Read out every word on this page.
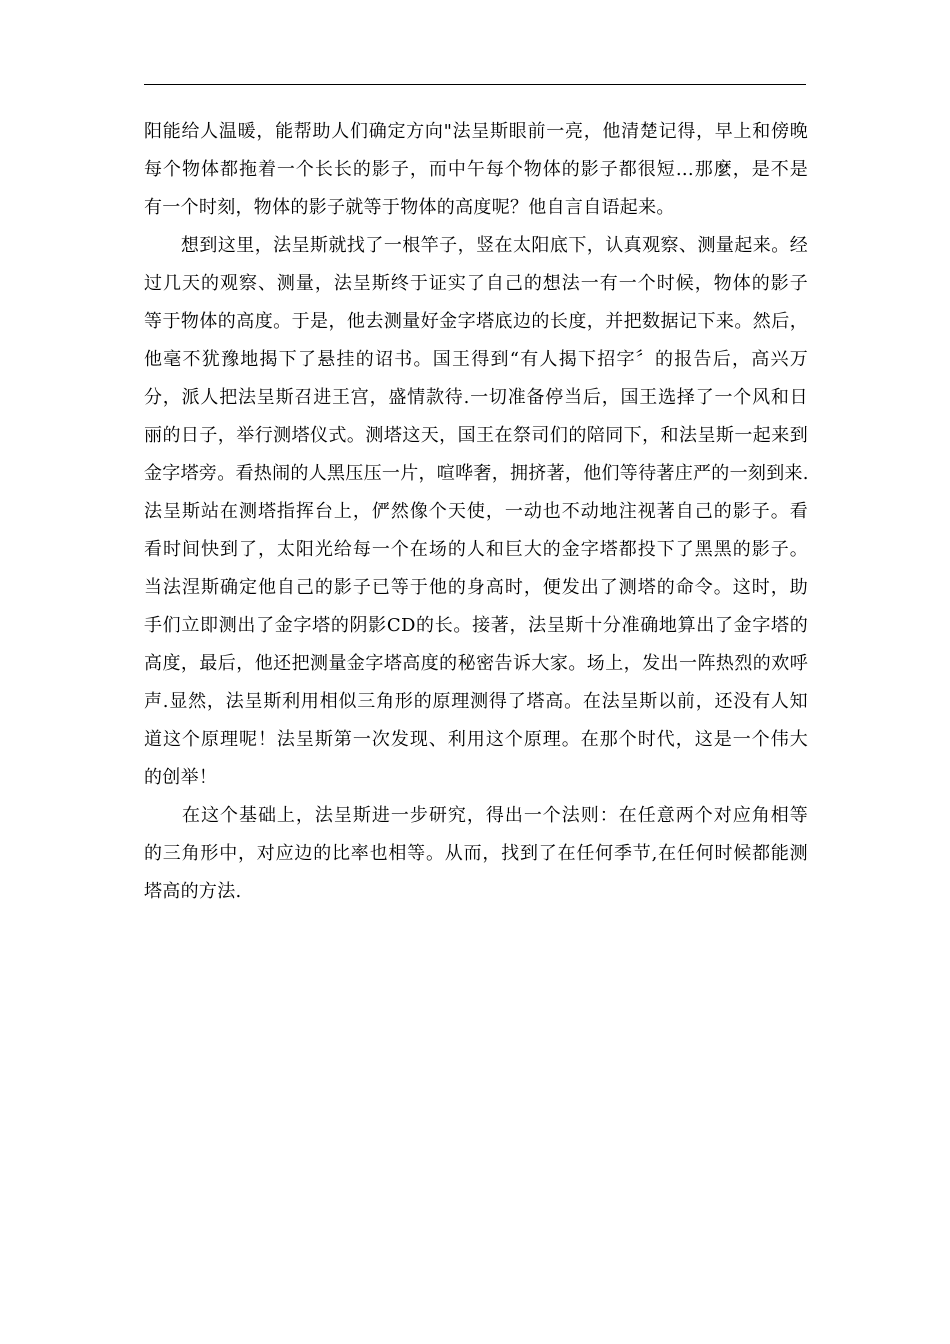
阳能给人温暖，能帮助人们确定方向"法呈斯眼前一亮，他清楚记得，早上和傍晚
每个物体都拖着一个长长的影子，而中午每个物体的影子都很短…那麼，是不是
有一个时刻，物体的影子就等于物体的高度呢？他自言自语起来。
　　想到这里，法呈斯就找了一根竿子，竖在太阳底下，认真观察、测量起来。经
过几天的观察、测量，法呈斯终于证实了自己的想法一有一个时候，物体的影子
等于物体的高度。于是，他去测量好金字塔底边的长度，并把数据记下来。然后，
他毫不犹豫地揭下了悬挂的诏书。国王得到“有人揭下招字〞的报告后，高兴万
分，派人把法呈斯召进王宫，盛情款待.一切准备停当后，国王选择了一个风和日
丽的日子，举行测塔仪式。测塔这天，国王在祭司们的陪同下，和法呈斯一起来到
金字塔旁。看热闹的人黑压压一片，喧哗奢，拥挤著，他们等待著庄严的一刻到来.
法呈斯站在测塔指挥台上，俨然像个天使，一动也不动地注视著自己的影子。看
看时间快到了，太阳光给每一个在场的人和巨大的金字塔都投下了黑黑的影子。
当法涅斯确定他自己的影子已等于他的身高时，便发出了测塔的命令。这时，助
手们立即测出了金字塔的阴影CD的长。接著，法呈斯十分准确地算出了金字塔的
高度，最后，他还把测量金字塔高度的秘密告诉大家。场上，发出一阵热烈的欢呼
声.显然，法呈斯利用相似三角形的原理测得了塔高。在法呈斯以前，还没有人知
道这个原理呢！法呈斯第一次发现、利用这个原理。在那个时代，这是一个伟大
的创举！
　　在这个基础上，法呈斯进一步研究，得出一个法则：在任意两个对应角相等
的三角形中，对应边的比率也相等。从而，找到了在任何季节,在任何时候都能测
塔高的方法.
